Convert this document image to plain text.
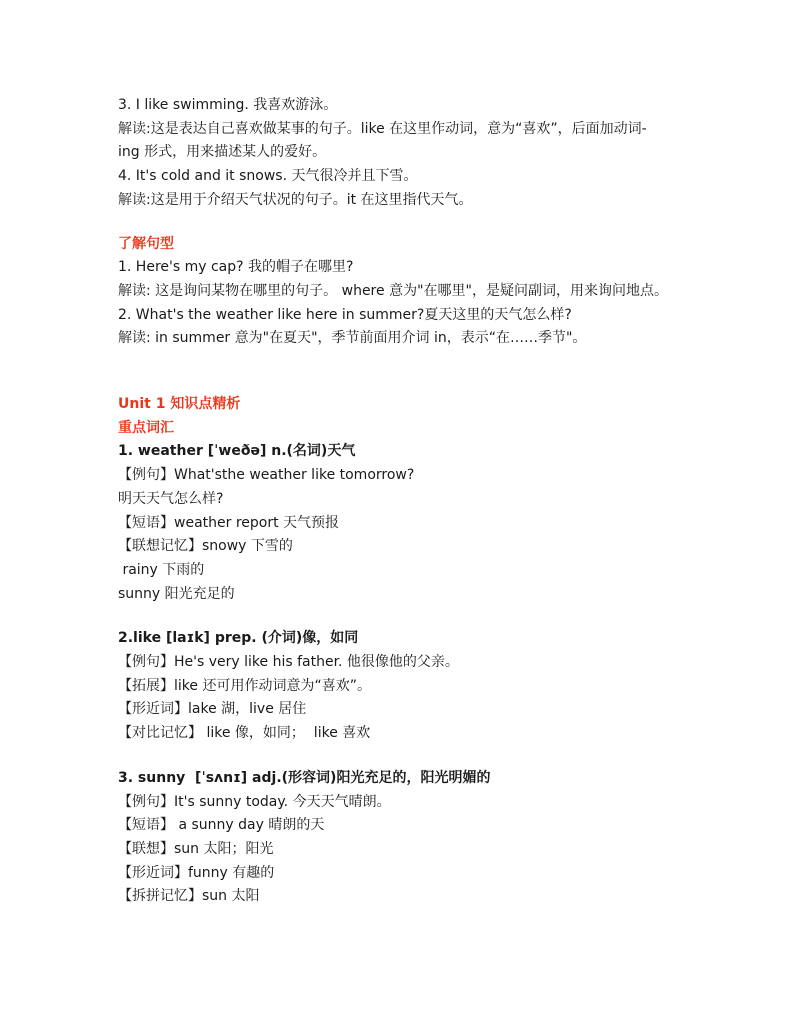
3. I like swimming. 我喜欢游泳。
解读:这是表达自己喜欢做某事的句子。like 在这里作动词，意为“喜欢”，后面加动词-
ing 形式，用来描述某人的爱好。
4. It's cold and it snows. 天气很冷并且下雪。
解读:这是用于介绍天气状况的句子。it 在这里指代天气。
了解句型
1. Here's my cap? 我的帽子在哪里?
解读: 这是询问某物在哪里的句子。 where 意为"在哪里"，是疑问副词，用来询问地点。
2. What's the weather like here in summer?夏天这里的天气怎么样?
解读: in summer 意为"在夏天"，季节前面用介词 in，表示“在……季节"。
Unit 1 知识点精析
重点词汇
1. weather [ˈweðə] n.(名词)天气
【例句】What'sthe weather like tomorrow?
明天天气怎么样?
【短语】weather report 天气预报
【联想记忆】snowy 下雪的
rainy 下雨的
sunny 阳光充足的
2.like [laɪk] prep. (介词)像，如同
【例句】He's very like his father. 他很像他的父亲。
【拓展】like 还可用作动词意为“喜欢”。
【形近词】lake 湖，live 居住
【对比记忆】 like 像，如同；  like 喜欢
3. sunny  [ˈsʌnɪ] adj.(形容词)阳光充足的，阳光明媚的
【例句】It's sunny today. 今天天气晴朗。
【短语】 a sunny day 晴朗的天
【联想】sun 太阳；阳光
【形近词】funny 有趣的
【拆拼记忆】sun 太阳
